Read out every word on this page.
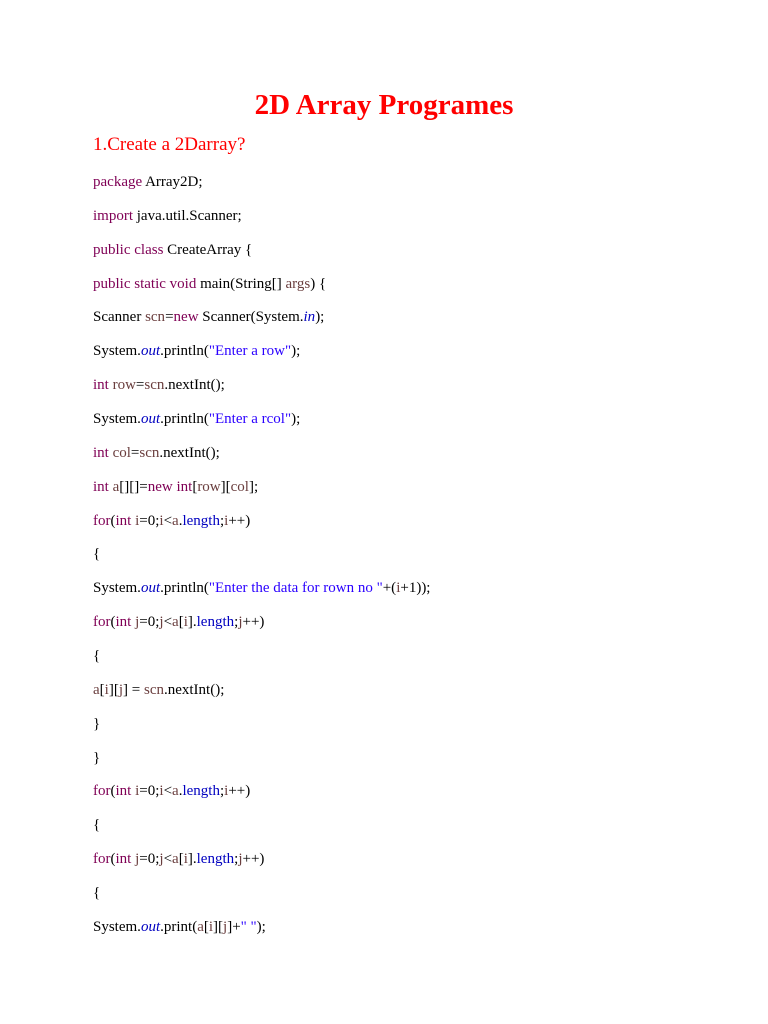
2D Array Programes
1.Create a 2Darray?
package Array2D;
import java.util.Scanner;
public class CreateArray {
public static void main(String[] args) {
Scanner scn=new Scanner(System.in);
System.out.println("Enter a row");
int row=scn.nextInt();
System.out.println("Enter a rcol");
int col=scn.nextInt();
int a[][]=new int[row][col];
for(int i=0;i<a.length;i++)
{
System.out.println("Enter the data for rown no "+(i+1));
for(int j=0;j<a[i].length;j++)
{
a[i][j] = scn.nextInt();
}
}
for(int i=0;i<a.length;i++)
{
for(int j=0;j<a[i].length;j++)
{
System.out.print(a[i][j]+" ");
